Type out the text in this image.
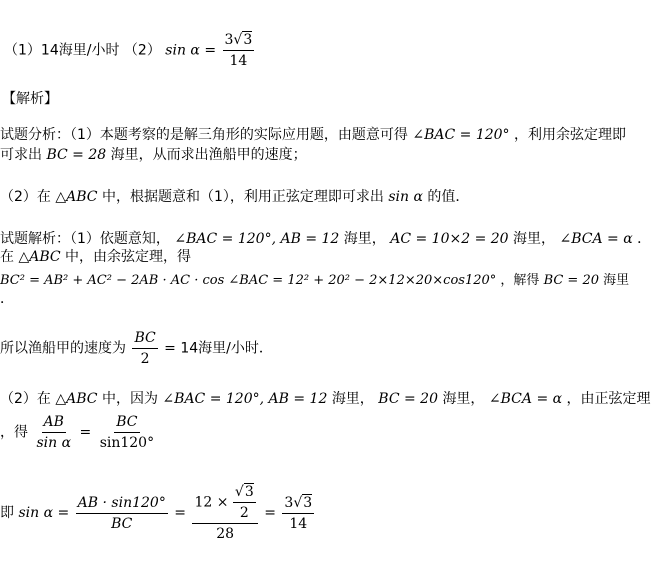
（1）14海里/小时 （2） $\sin \alpha = \frac{3√3}{14}$
【解析】
试题分析：（1）本题考察的是解三角形的实际应用题，由题意可得 ∠BAC = 120° ，利用余弦定理即
可求出 BC = 28 海里，从而求出渔船甲的速度；
（2）在 △ABC 中，根据题意和（1），利用正弦定理即可求出 sin α 的值．
试题解析：（1）依题意知， ∠BAC = 120°, AB = 12 海里， AC = 10×2 = 20 海里， ∠BCA = α ．
在 △ABC 中，由余弦定理，得
BC² = AB² + AC² − 2AB · AC · cos ∠BAC = 12² + 20² − 2×12×20×cos120° ，解得 BC = 20 海里
．
所以渔船甲的速度为 $\frac{BC}{2} = 14$海里/小时．
（2）在 △ABC 中，因为 ∠BAC = 120°, AB = 12 海里， BC = 20 海里， ∠BCA = α ，由正弦定理
，得 $\frac{AB}{\text{sin α}} = \frac{BC}{\sin 120^\circ}$
即 $\sin \alpha = \frac{AB \cdot \sin 120^\circ}{BC} = \frac{12 \times \frac{√3}{2}}{28} = \frac{3√3}{14}$
